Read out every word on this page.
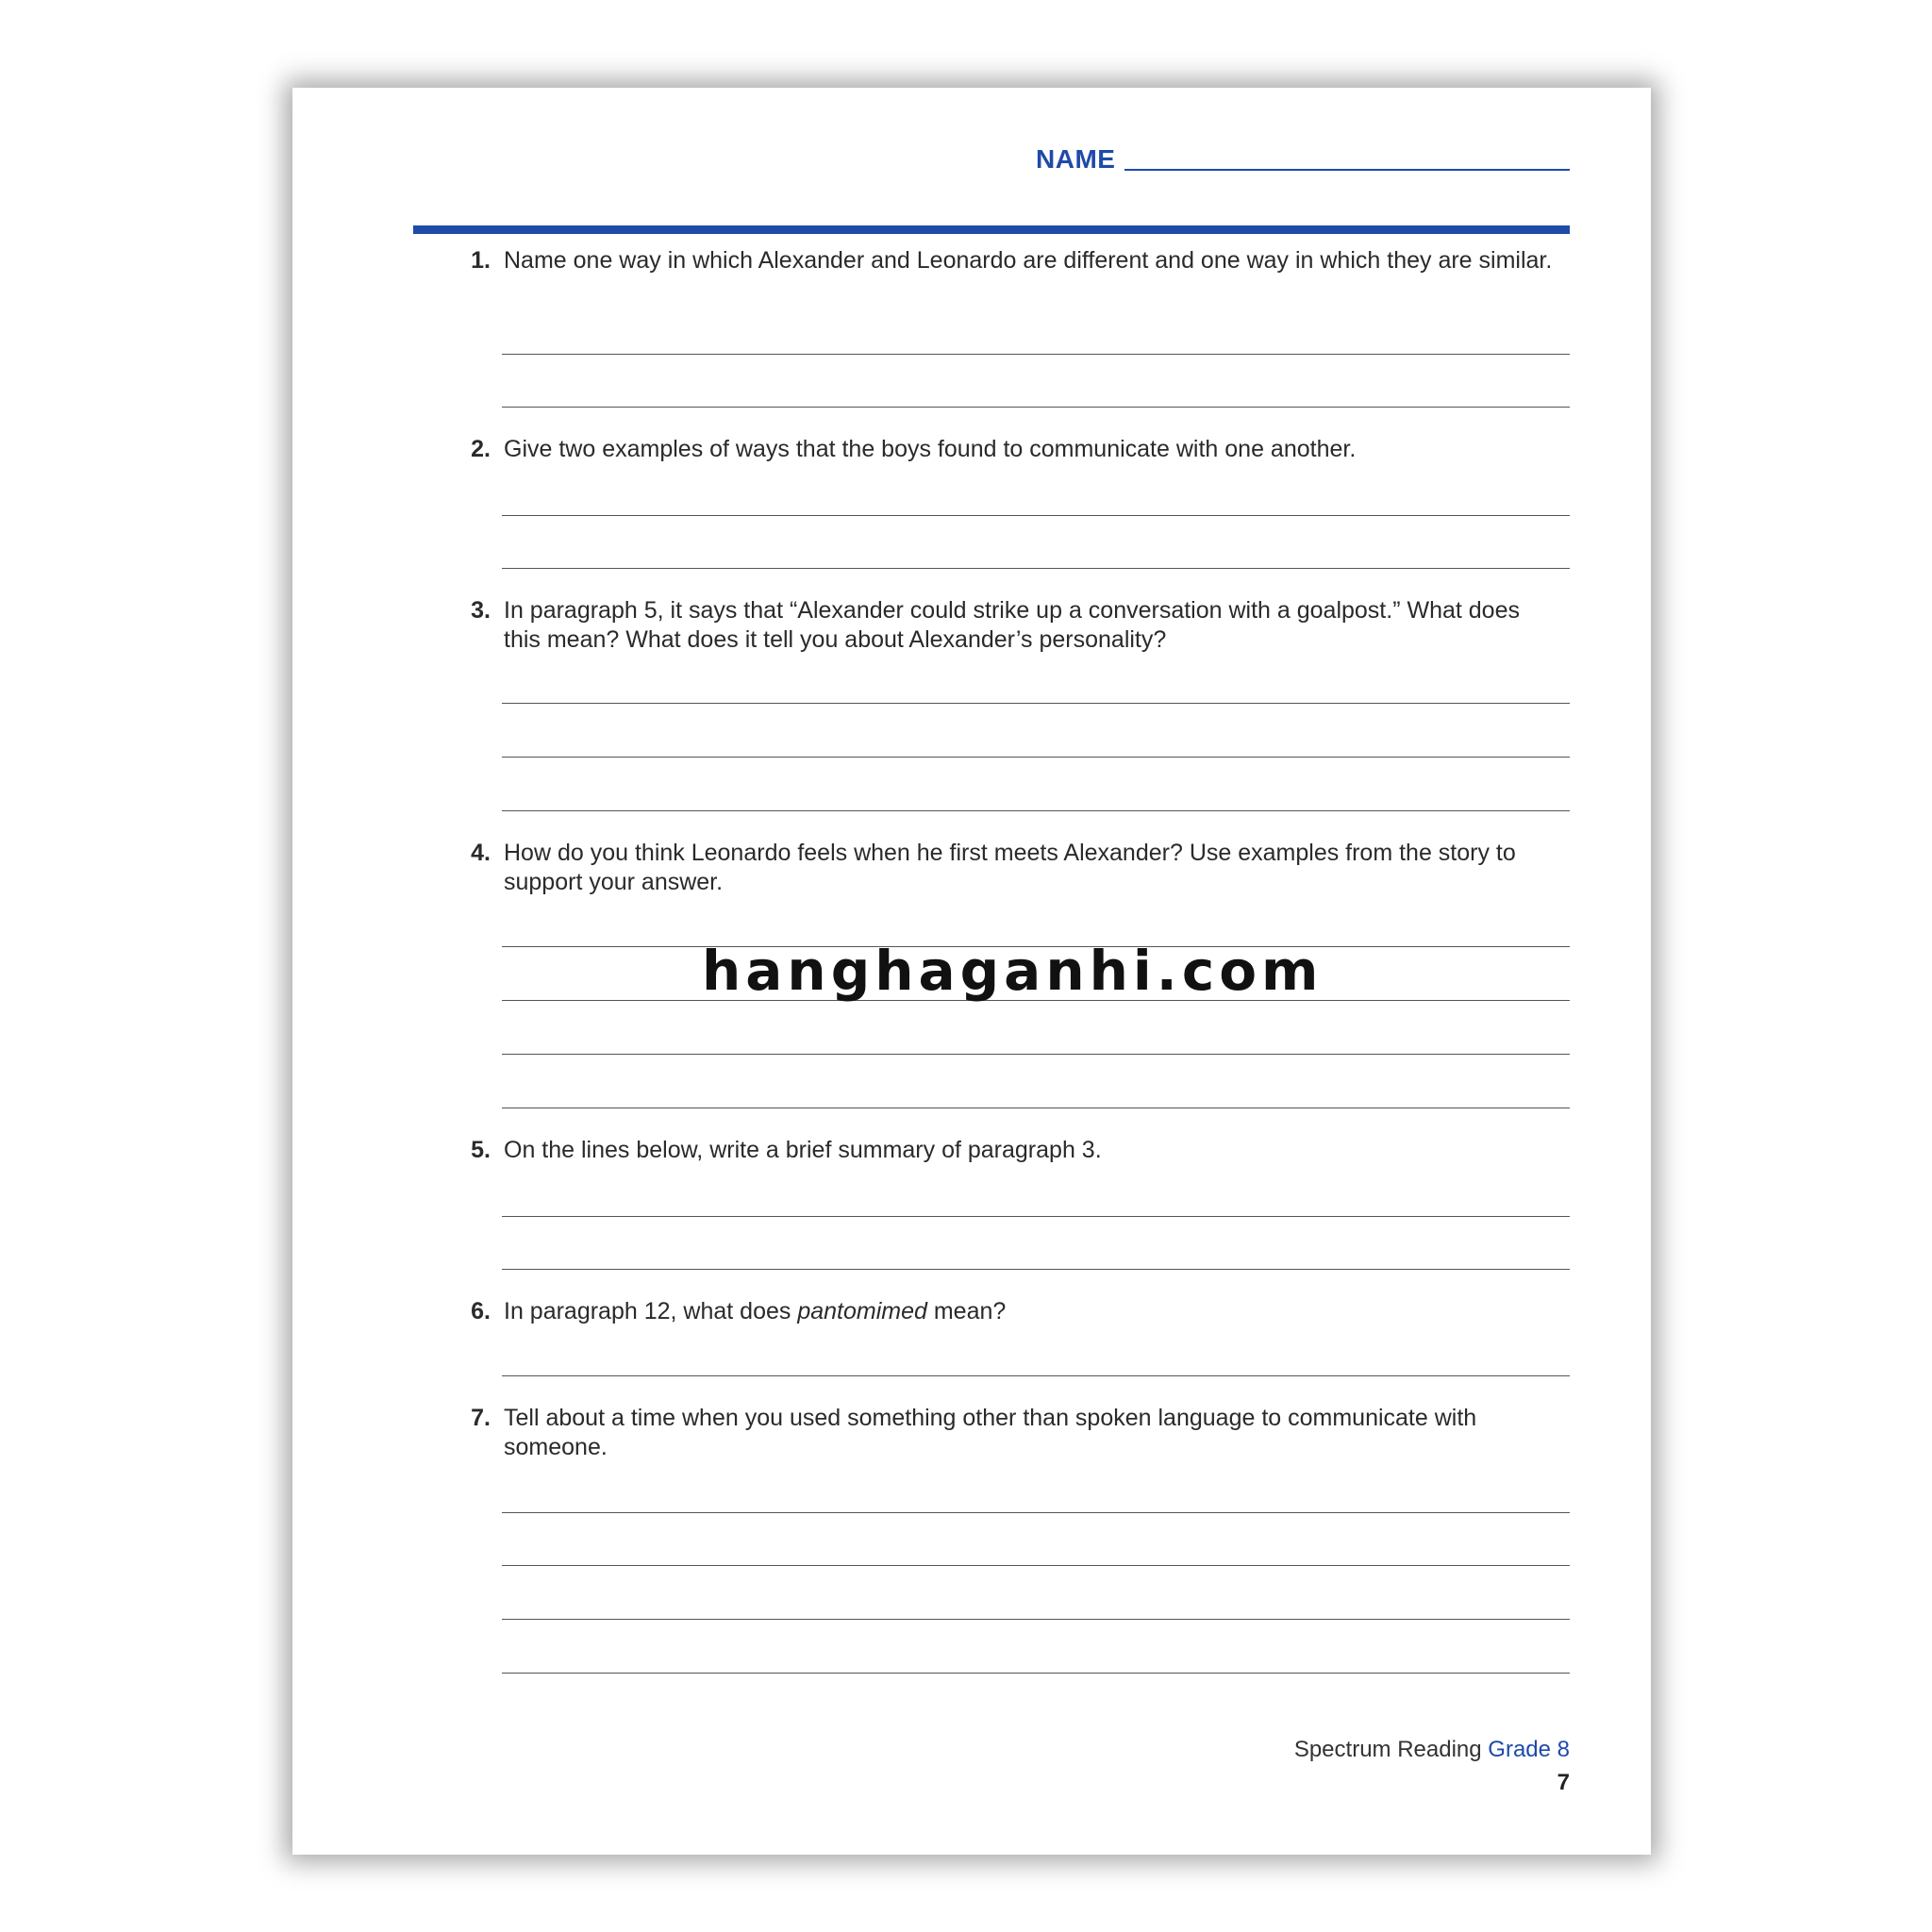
NAME
1. Name one way in which Alexander and Leonardo are different and one way in which they are similar.
2. Give two examples of ways that the boys found to communicate with one another.
3. In paragraph 5, it says that “Alexander could strike up a conversation with a goalpost.” What does this mean? What does it tell you about Alexander’s personality?
4. How do you think Leonardo feels when he first meets Alexander? Use examples from the story to support your answer.
5. On the lines below, write a brief summary of paragraph 3.
6. In paragraph 12, what does pantomimed mean?
7. Tell about a time when you used something other than spoken language to communicate with someone.
Spectrum Reading Grade 8
7
hanghaganhi.com
